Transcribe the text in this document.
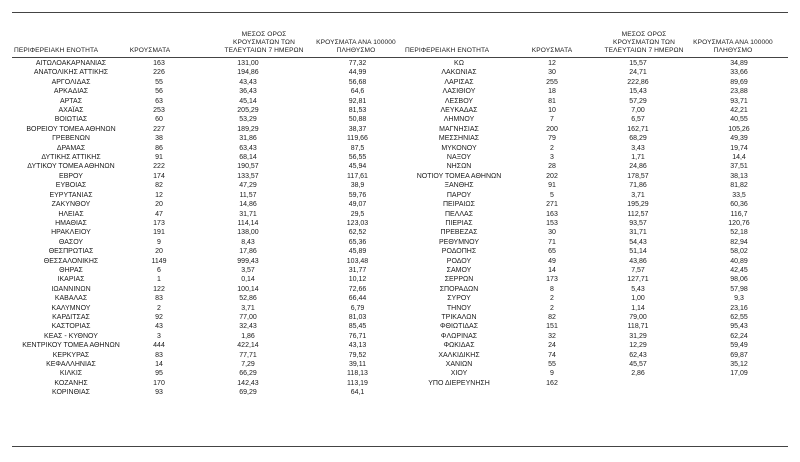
ΠΕΡΙΦΕΡΕΙΑΚΗ ΕΝΟΤΗΤΑ	ΚΡΟΥΣΜΑΤΑ
ΜΕΣΟΣ ΟΡΟΣ
ΚΡΟΥΣΜΑΤΩΝ ΤΩΝ
ΤΕΛΕΥΤΑΙΩΝ 7 ΗΜΕΡΩΝ
ΚΡΟΥΣΜΑΤΑ ΑΝΑ 100000
ΠΛΗΘΥΣΜΟ	ΠΕΡΙΦΕΡΕΙΑΚΗ ΕΝΟΤΗΤΑ	ΚΡΟΥΣΜΑΤΑ
ΜΕΣΟΣ ΟΡΟΣ
ΚΡΟΥΣΜΑΤΩΝ ΤΩΝ
ΤΕΛΕΥΤΑΙΩΝ 7 ΗΜΕΡΩΝ
ΚΡΟΥΣΜΑΤΑ ΑΝΑ 100000
ΠΛΗΘΥΣΜΟ
ΑΙΤΩΛΟΑΚΑΡΝΑΝΙΑΣ	163	131,00	77,32
ΑΝΑΤΟΛΙΚΗΣ ΑΤΤΙΚΗΣ	226	194,86	44,99
ΑΡΓΟΛΙΔΑΣ	55	43,43	56,68
ΑΡΚΑΔΙΑΣ	56	36,43	64,6
ΑΡΤΑΣ	63	45,14	92,81
ΑΧΑΪΑΣ	253	205,29	81,53
ΒΟΙΩΤΙΑΣ	60	53,29	50,88
ΒΟΡΕΙΟΥ ΤΟΜΕΑ ΑΘΗΝΩΝ	227	189,29	38,37
ΓΡΕΒΕΝΩΝ	38	31,86	119,66
ΔΡΑΜΑΣ	86	63,43	87,5
ΔΥΤΙΚΗΣ ΑΤΤΙΚΗΣ	91	68,14	56,55
ΔΥΤΙΚΟΥ ΤΟΜΕΑ ΑΘΗΝΩΝ	222	190,57	45,94
ΕΒΡΟΥ	174	133,57	117,61
ΕΥΒΟΙΑΣ	82	47,29	38,9
ΕΥΡΥΤΑΝΙΑΣ	12	11,57	59,76
ΖΑΚΥΝΘΟΥ	20	14,86	49,07
ΗΛΕΙΑΣ	47	31,71	29,5
ΗΜΑΘΙΑΣ	173	114,14	123,03
ΗΡΑΚΛΕΙΟΥ	191	138,00	62,52
ΘΑΣΟΥ	9	8,43	65,36
ΘΕΣΠΡΩΤΙΑΣ	20	17,86	45,89
ΘΕΣΣΑΛΟΝΙΚΗΣ	1149	999,43	103,48
ΘΗΡΑΣ	6	3,57	31,77
ΙΚΑΡΙΑΣ	1	0,14	10,12
ΙΩΑΝΝΙΝΩΝ	122	100,14	72,66
ΚΑΒΑΛΑΣ	83	52,86	66,44
ΚΑΛΥΜΝΟΥ	2	3,71	6,79
ΚΑΡΔΙΤΣΑΣ	92	77,00	81,03
ΚΑΣΤΟΡΙΑΣ	43	32,43	85,45
ΚΕΑΣ - ΚΥΘΝΟΥ	3	1,86	76,71
ΚΕΝΤΡΙΚΟΥ ΤΟΜΕΑ ΑΘΗΝΩΝ	444	422,14	43,13
ΚΕΡΚΥΡΑΣ	83	77,71	79,52
ΚΕΦΑΛΛΗΝΙΑΣ	14	7,29	39,11
ΚΙΛΚΙΣ	95	66,29	118,13
ΚΟΖΑΝΗΣ	170	142,43	113,19
ΚΟΡΙΝΘΙΑΣ	93	69,29	64,1
ΚΩ	12	15,57	34,89
ΛΑΚΩΝΙΑΣ	30	24,71	33,66
ΛΑΡΙΣΑΣ	255	222,86	89,69
ΛΑΣΙΘΙΟΥ	18	15,43	23,88
ΛΕΣΒΟΥ	81	57,29	93,71
ΛΕΥΚΑΔΑΣ	10	7,00	42,21
ΛΗΜΝΟΥ	7	6,57	40,55
ΜΑΓΝΗΣΙΑΣ	200	162,71	105,26
ΜΕΣΣΗΝΙΑΣ	79	68,29	49,39
ΜΥΚΟΝΟΥ	2	3,43	19,74
ΝΑΞΟΥ	3	1,71	14,4
ΝΗΣΩΝ	28	24,86	37,51
ΝΟΤΙΟΥ ΤΟΜΕΑ ΑΘΗΝΩΝ	202	178,57	38,13
ΞΑΝΘΗΣ	91	71,86	81,82
ΠΑΡΟΥ	5	3,71	33,5
ΠΕΙΡΑΙΩΣ	271	195,29	60,36
ΠΕΛΛΑΣ	163	112,57	116,7
ΠΙΕΡΙΑΣ	153	93,57	120,76
ΠΡΕΒΕΖΑΣ	30	31,71	52,18
ΡΕΘΥΜΝΟΥ	71	54,43	82,94
ΡΟΔΟΠΗΣ	65	51,14	58,02
ΡΟΔΟΥ	49	43,86	40,89
ΣΑΜΟΥ	14	7,57	42,45
ΣΕΡΡΩΝ	173	127,71	98,06
ΣΠΟΡΑΔΩΝ	8	5,43	57,98
ΣΥΡΟΥ	2	1,00	9,3
ΤΗΝΟΥ	2	1,14	23,16
ΤΡΙΚΑΛΩΝ	82	79,00	62,55
ΦΘΙΩΤΙΔΑΣ	151	118,71	95,43
ΦΛΩΡΙΝΑΣ	32	31,29	62,24
ΦΩΚΙΔΑΣ	24	12,29	59,49
ΧΑΛΚΙΔΙΚΗΣ	74	62,43	69,87
ΧΑΝΙΩΝ	55	45,57	35,12
ΧΙΟΥ	9	2,86	17,09
ΥΠΟ ΔΙΕΡΕΥΝΗΣΗ	162		
